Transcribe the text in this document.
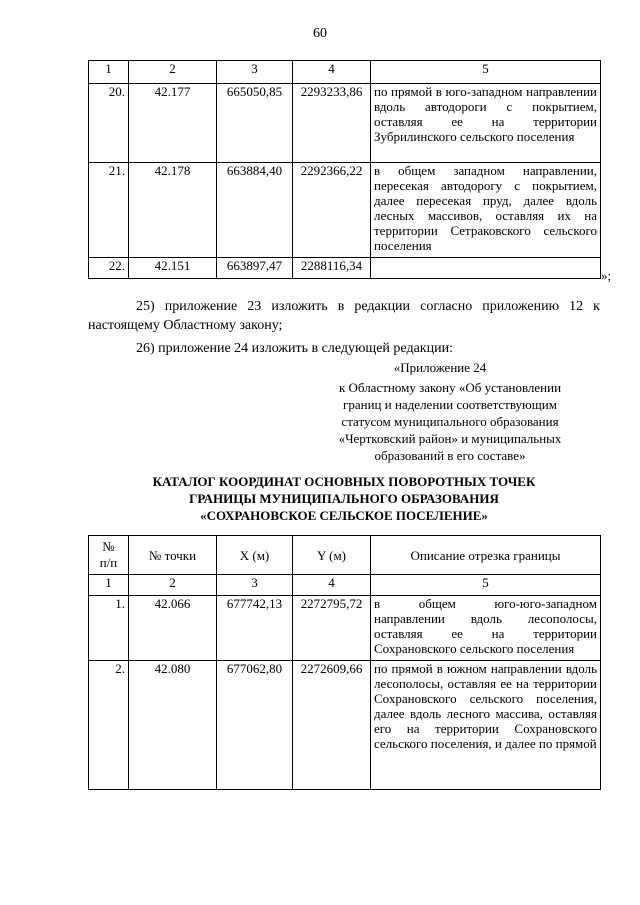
60
1	2	3	4	5
20.	42.177	665050,85	2293233,86	по прямой в юго-западном направлении вдоль автодороги с покрытием, оставляя ее на территории Зубрилинского сельского поселения
21.	42.178	663884,40	2292366,22	в общем западном направлении, пересекая автодорогу с покрытием, далее пересекая пруд, далее вдоль лесных массивов, оставляя их на территории Сетраковского сельского поселения
22.	42.151	663897,47	2288116,34	
»;
25) приложение 23 изложить в редакции согласно приложению 12 к настоящему Областному закону;
26) приложение 24 изложить в следующей редакции:
«Приложение 24
к Областному закону «Об установлении
границ и наделении соответствующим
статусом муниципального образования
«Чертковский район» и муниципальных
образований в его составе»
КАТАЛОГ КООРДИНАТ ОСНОВНЫХ ПОВОРОТНЫХ ТОЧЕК
ГРАНИЦЫ МУНИЦИПАЛЬНОГО ОБРАЗОВАНИЯ
«СОХРАНОВСКОЕ СЕЛЬСКОЕ ПОСЕЛЕНИЕ»
№
п/п	№ точки	X (м)	Y (м)	Описание отрезка границы
1	2	3	4	5
1.	42.066	677742,13	2272795,72	в общем юго-юго-западном направлении вдоль лесополосы, оставляя ее на территории Сохрановского сельского поселения
2.	42.080	677062,80	2272609,66	по прямой в южном направлении вдоль лесополосы, оставляя ее на территории Сохрановского сельского поселения, далее вдоль лесного массива, оставляя его на территории Сохрановского сельского поселения, и далее по прямой
